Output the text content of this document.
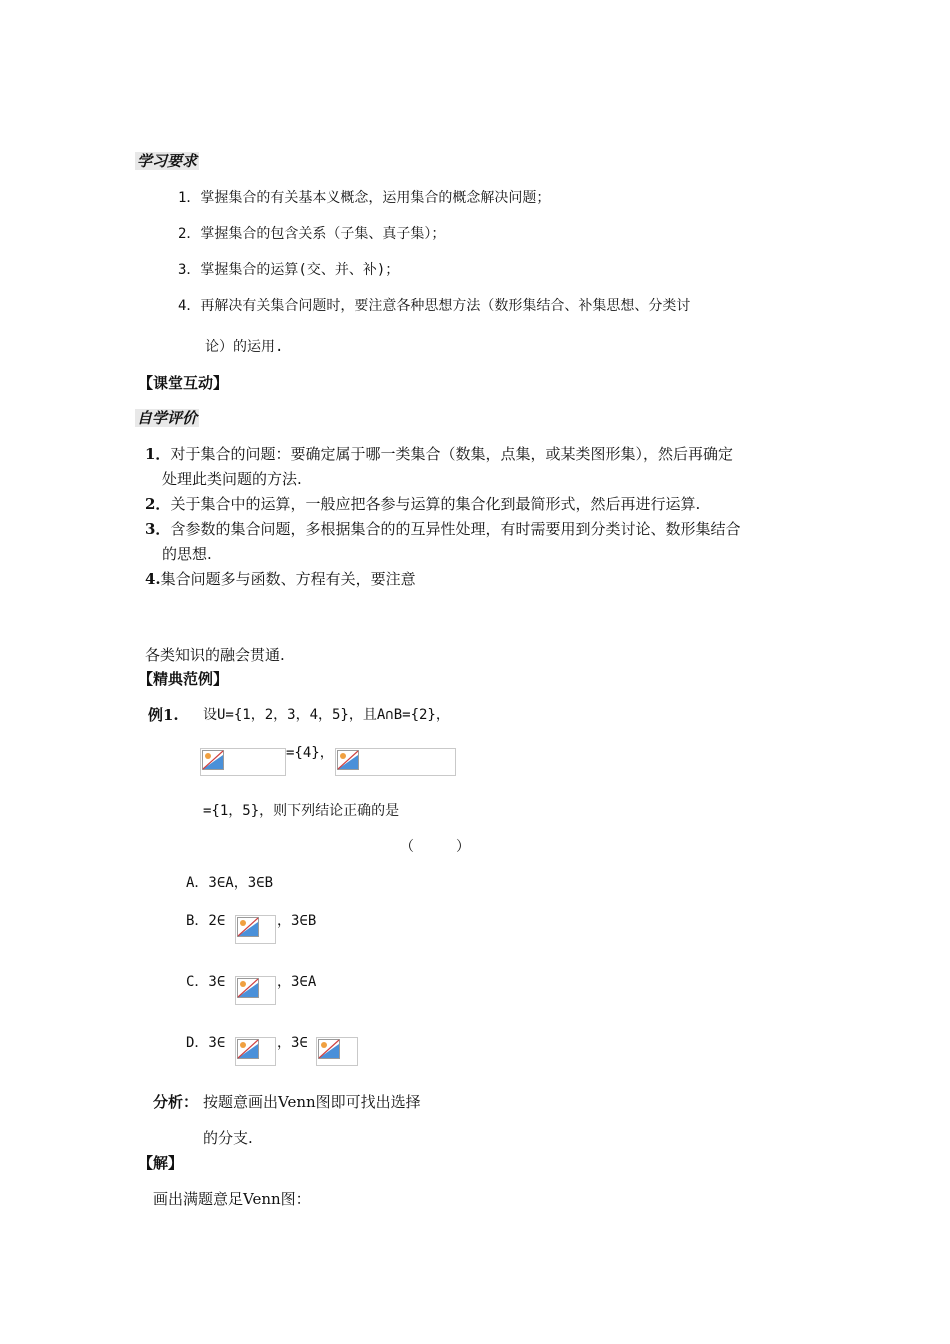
学习要求
1．掌握集合的有关基本义概念，运用集合的概念解决问题；
2．掌握集合的包含关系（子集、真子集）；
3．掌握集合的运算(交、并、补)；
4．再解决有关集合问题时，要注意各种思想方法（数形集结合、补集思想、分类讨
论）的运用.
【课堂互动】
自学评价
1．对于集合的问题：要确定属于哪一类集合（数集，点集，或某类图形集），然后再确定
处理此类问题的方法.
2．关于集合中的运算，一般应把各参与运算的集合化到最简形式，然后再进行运算.
3．含参数的集合问题，多根据集合的的互异性处理，有时需要用到分类讨论、数形集结合
的思想.
4.集合问题多与函数、方程有关，要注意
各类知识的融会贯通.
【精典范例】
例1. 设U={1，2，3，4，5}，且A∩B={2}，
={4}，
={1，5}，则下列结论正确的是
（　　　）
A．3∈A，3∈B
B．2∈	，3∈B
C．3∈	，3∈A
D．3∈	，3∈
分析： 按题意画出Venn图即可找出选择
的分支.
【解】
画出满题意足Venn图：
